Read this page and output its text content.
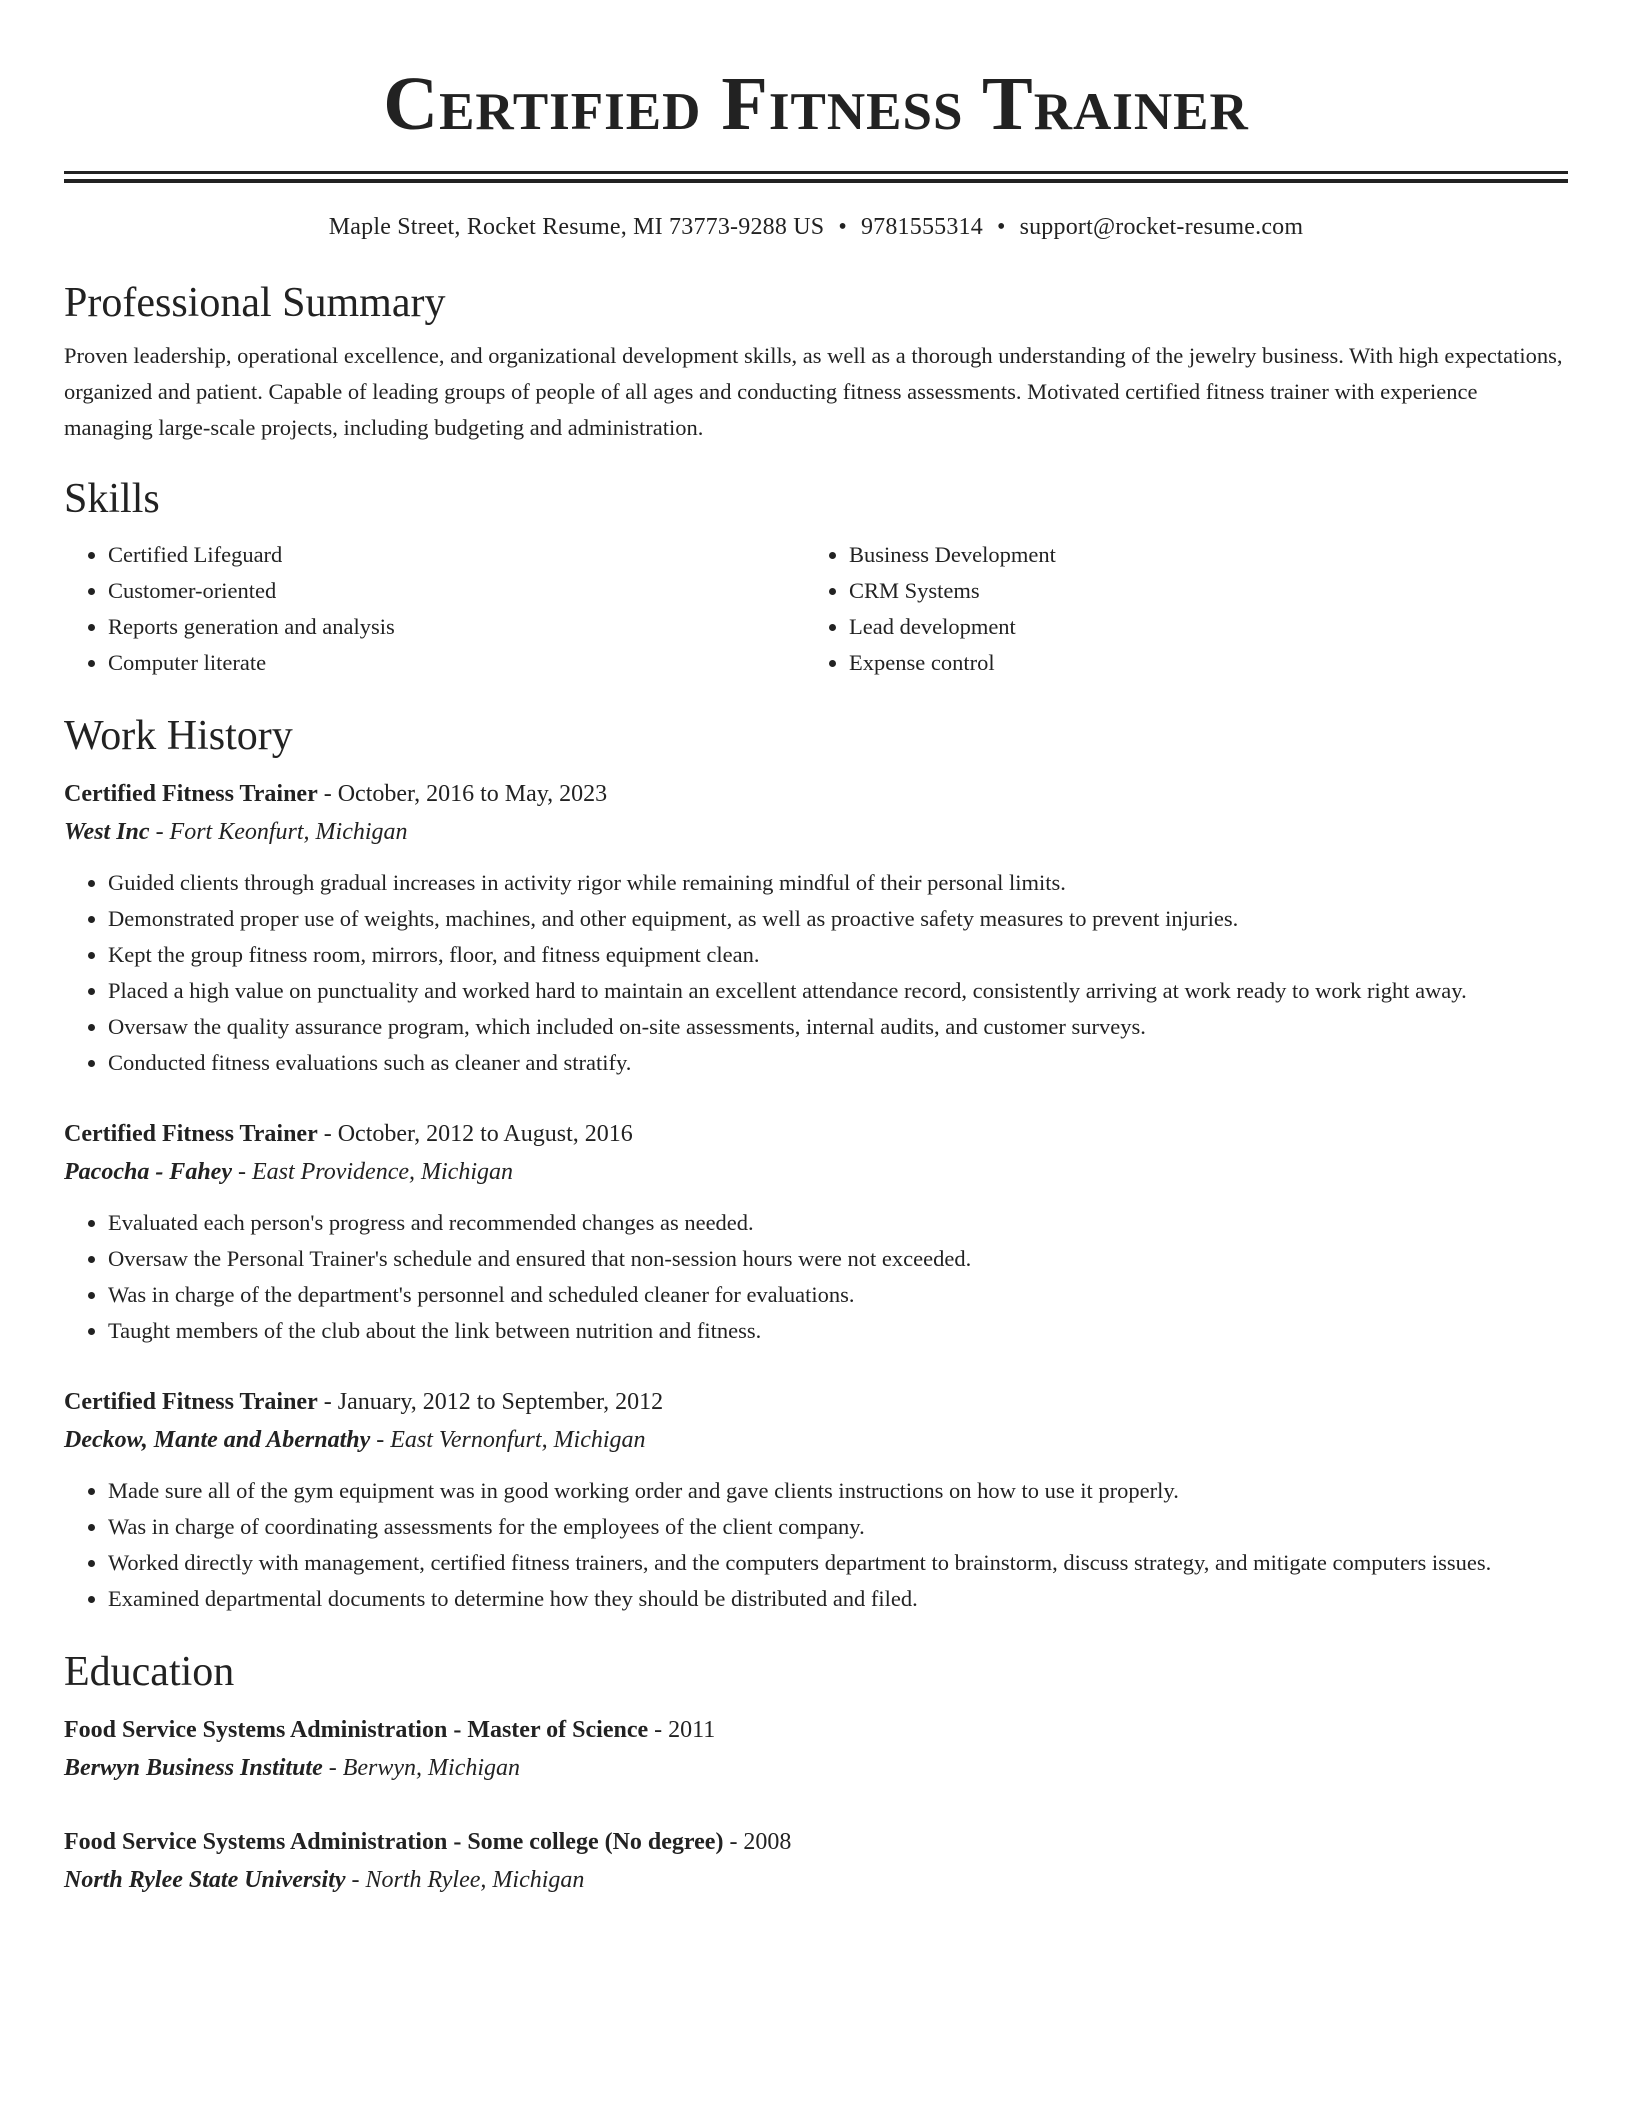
Certified Fitness Trainer
Maple Street, Rocket Resume, MI 73773-9288 US • 9781555314 • support@rocket-resume.com
Professional Summary

Proven leadership, operational excellence, and organizational development skills, as well as a thorough understanding of the jewelry business. With high expectations, organized and patient. Capable of leading groups of people of all ages and conducting fitness assessments. Motivated certified fitness trainer with experience managing large-scale projects, including budgeting and administration.

Skills
• Certified Lifeguard
• Customer-oriented
• Reports generation and analysis
• Computer literate
• Business Development
• CRM Systems
• Lead development
• Expense control
Work History
Certified Fitness Trainer - October, 2016 to May, 2023
West Inc - Fort Keonfurt, Michigan
• Guided clients through gradual increases in activity rigor while remaining mindful of their personal limits.
• Demonstrated proper use of weights, machines, and other equipment, as well as proactive safety measures to prevent injuries.
• Kept the group fitness room, mirrors, floor, and fitness equipment clean.
• Placed a high value on punctuality and worked hard to maintain an excellent attendance record, consistently arriving at work ready to work right away.
• Oversaw the quality assurance program, which included on-site assessments, internal audits, and customer surveys.
• Conducted fitness evaluations such as cleaner and stratify.
Certified Fitness Trainer - October, 2012 to August, 2016
Pacocha - Fahey - East Providence, Michigan
• Evaluated each person's progress and recommended changes as needed.
• Oversaw the Personal Trainer's schedule and ensured that non-session hours were not exceeded.
• Was in charge of the department's personnel and scheduled cleaner for evaluations.
• Taught members of the club about the link between nutrition and fitness.
Certified Fitness Trainer - January, 2012 to September, 2012
Deckow, Mante and Abernathy - East Vernonfurt, Michigan
• Made sure all of the gym equipment was in good working order and gave clients instructions on how to use it properly.
• Was in charge of coordinating assessments for the employees of the client company.
• Worked directly with management, certified fitness trainers, and the computers department to brainstorm, discuss strategy, and mitigate computers issues.
• Examined departmental documents to determine how they should be distributed and filed.
Education
Food Service Systems Administration - Master of Science - 2011
Berwyn Business Institute - Berwyn, Michigan
Food Service Systems Administration - Some college (No degree) - 2008
North Rylee State University - North Rylee, Michigan
